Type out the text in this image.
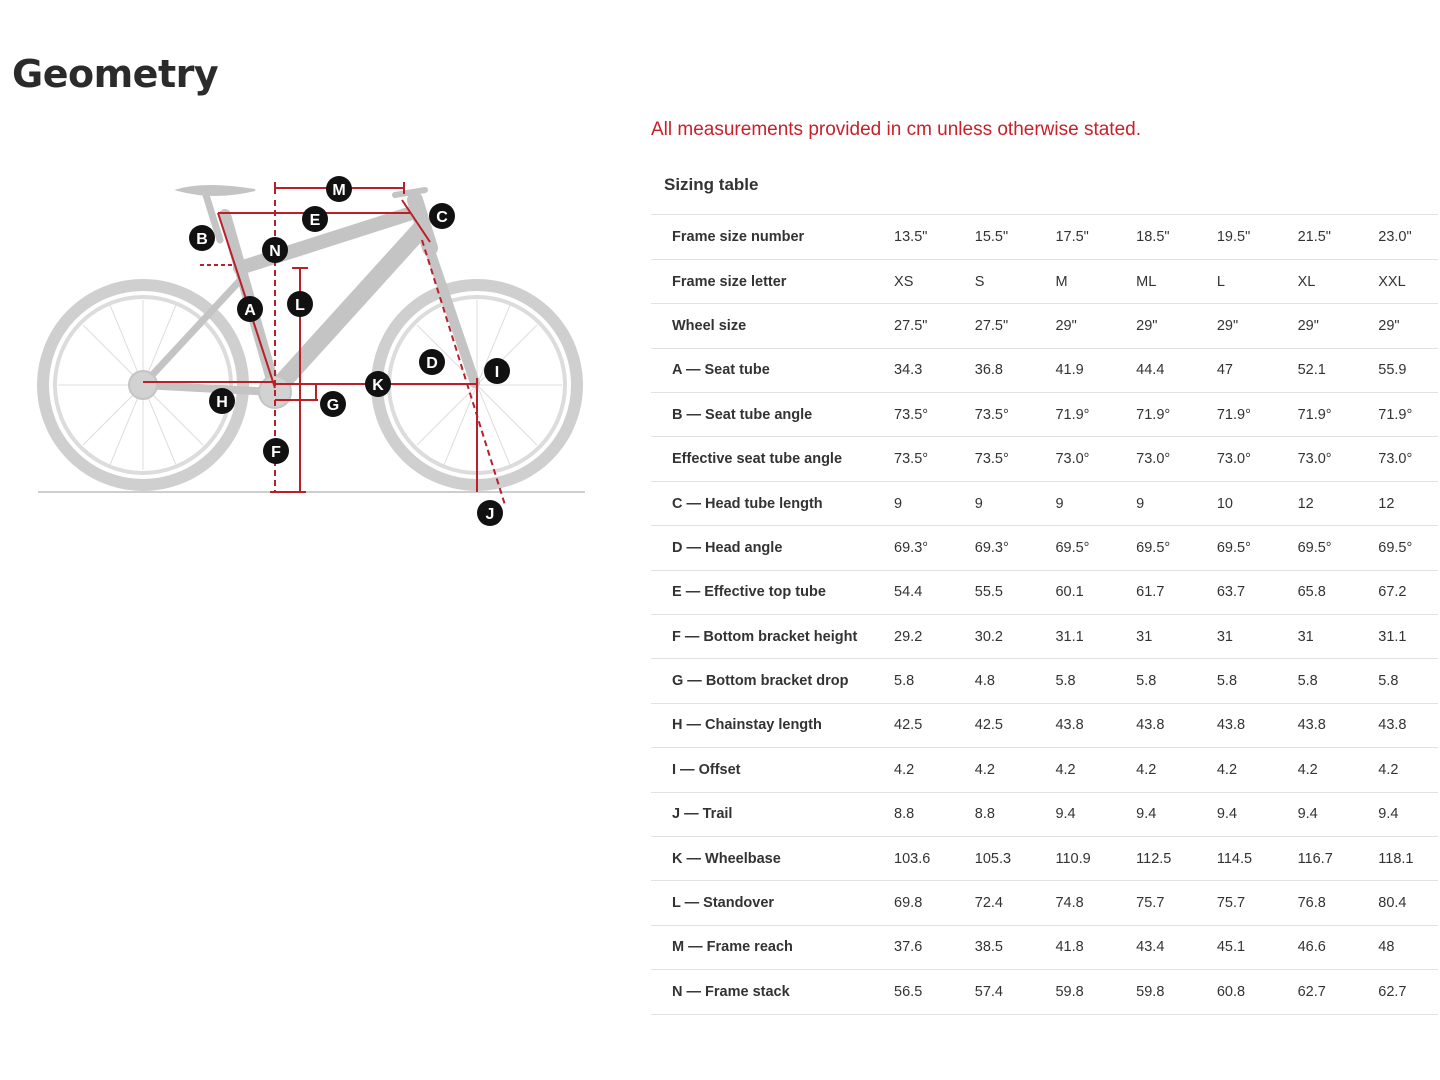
Geometry
M
E	C
B
N
A L
D
I
K
H	G
F
J

All measurements provided in cm unless otherwise stated.

Sizing table
Frame size number	13.5"	15.5"	17.5"	18.5"	19.5"	21.5"	23.0"
Frame size letter	XS	S	M	ML	L	XL	XXL
Wheel size	27.5"	27.5"	29"	29"	29"	29"	29"
A — Seat tube	34.3	36.8	41.9	44.4	47	52.1	55.9
B — Seat tube angle	73.5°	73.5°	71.9°	71.9°	71.9°	71.9°	71.9°
Effective seat tube angle	73.5°	73.5°	73.0°	73.0°	73.0°	73.0°	73.0°
C — Head tube length	9	9	9	9	10	12	12
D — Head angle	69.3°	69.3°	69.5°	69.5°	69.5°	69.5°	69.5°
E — Effective top tube	54.4	55.5	60.1	61.7	63.7	65.8	67.2
F — Bottom bracket height	29.2	30.2	31.1	31	31	31	31.1
G — Bottom bracket drop	5.8	4.8	5.8	5.8	5.8	5.8	5.8
H — Chainstay length	42.5	42.5	43.8	43.8	43.8	43.8	43.8
I — Offset	4.2	4.2	4.2	4.2	4.2	4.2	4.2
J — Trail	8.8	8.8	9.4	9.4	9.4	9.4	9.4
K — Wheelbase	103.6	105.3	110.9	112.5	114.5	116.7	118.1
L — Standover	69.8	72.4	74.8	75.7	75.7	76.8	80.4
M — Frame reach	37.6	38.5	41.8	43.4	45.1	46.6	48
N — Frame stack	56.5	57.4	59.8	59.8	60.8	62.7	62.7
